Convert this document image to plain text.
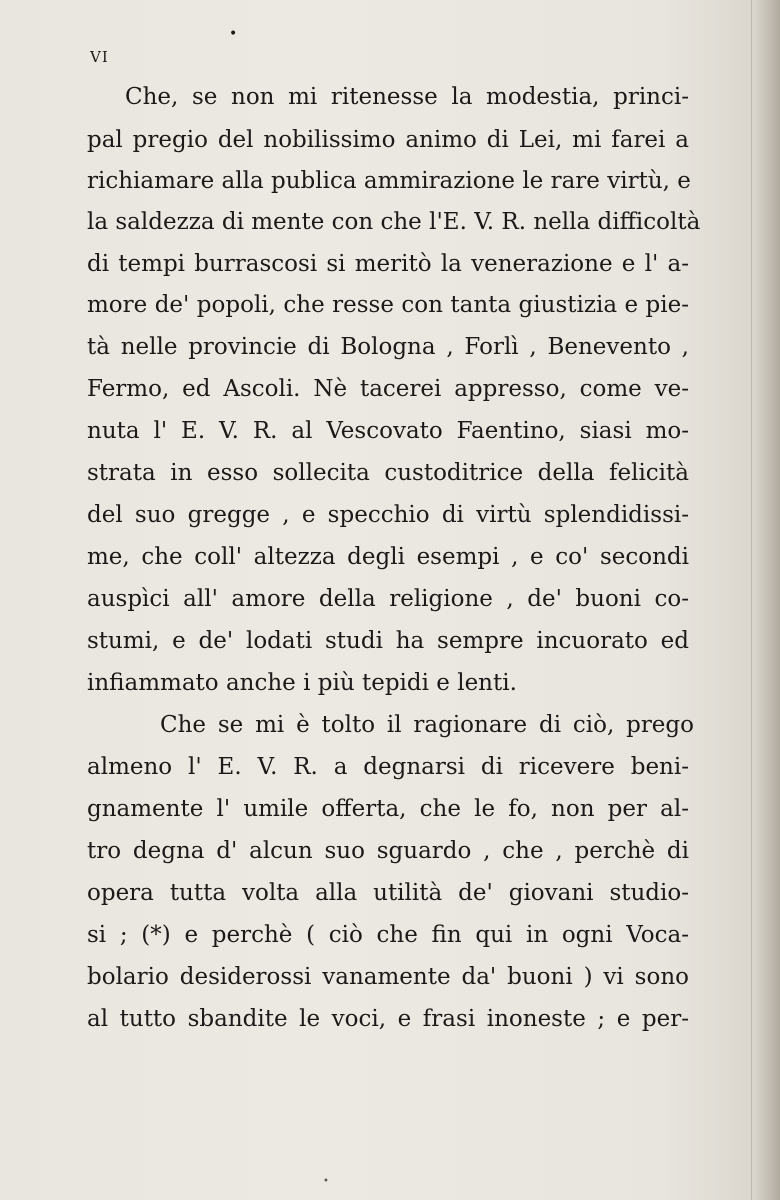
•
VI
Che, se non mi ritenesse la modestia, princi-
pal pregio del nobilissimo animo di Lei, mi farei a
richiamare alla publica ammirazione le rare virtù, e
la saldezza di mente con che l'E. V. R. nella difficoltà
di tempi burrascosi si meritò la venerazione e l' a-
more de' popoli, che resse con tanta giustizia e pie-
tà nelle provincie di Bologna , Forlì , Benevento ,
Fermo, ed Ascoli. Nè tacerei appresso, come ve-
nuta l' E. V. R. al Vescovato Faentino, siasi mo-
strata in esso sollecita custoditrice della felicità
del suo gregge , e specchio di virtù splendidissi-
me, che coll' altezza degli esempi , e co' secondi
auspìci all' amore della religione , de' buoni co-
stumi, e de' lodati studi ha sempre incuorato ed
infiammato anche i più tepidi e lenti.
Che se mi è tolto il ragionare di ciò, prego
almeno l' E. V. R. a degnarsi di ricevere beni-
gnamente l' umile offerta, che le fo, non per al-
tro degna d' alcun suo sguardo , che , perchè di
opera tutta volta alla utilità de' giovani studio-
si ; (*) e perchè ( ciò che fin qui in ogni Voca-
bolario desiderossi vanamente da' buoni ) vi sono
al tutto sbandite le voci, e frasi inoneste ; e per-
•
